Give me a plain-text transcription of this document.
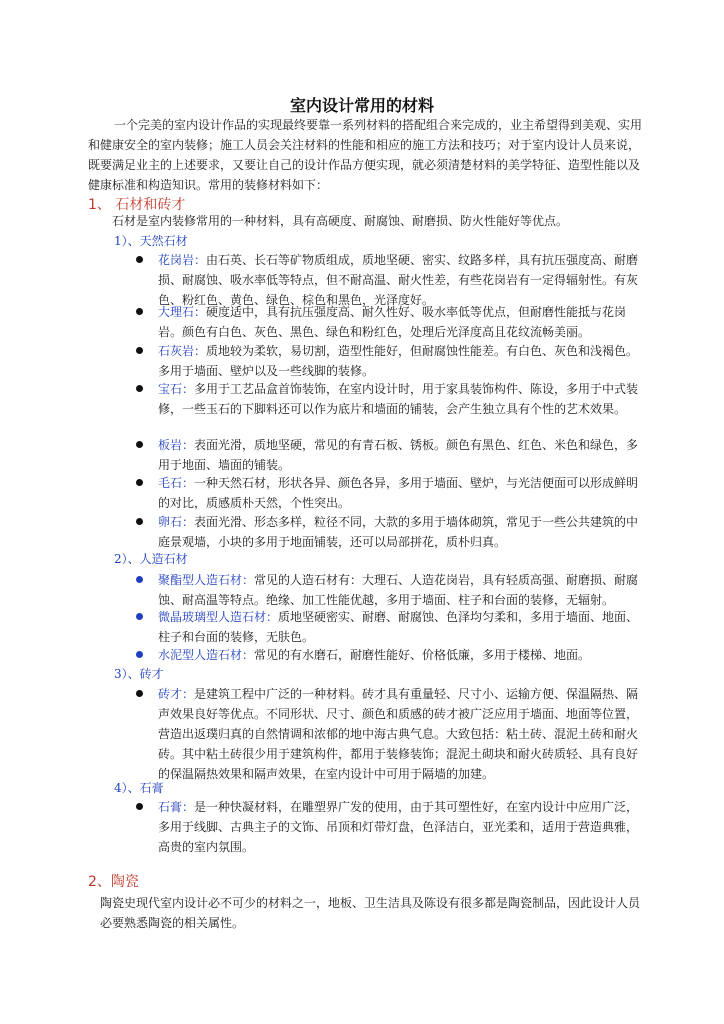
室内设计常用的材料
一个完美的室内设计作品的实现最终要靠一系列材料的搭配组合来完成的，业主希望得到美观、实用和健康安全的室内装修；施工人员会关注材料的性能和相应的施工方法和技巧；对于室内设计人员来说，既要满足业主的上述要求，又要让自己的设计作品方便实现，就必须清楚材料的美学特征、造型性能以及健康标准和构造知识。常用的装修材料如下：
1、 石材和砖才
石材是室内装修常用的一种材料，具有高硬度、耐腐蚀、耐磨损、防火性能好等优点。
1）、天然石材
花岗岩：由石英、长石等矿物质组成，质地坚硬、密实、纹路多样，具有抗压强度高、耐磨损、耐腐蚀、吸水率低等特点，但不耐高温、耐火性差，有些花岗岩有一定得辐射性。有灰色、粉红色、黄色、绿色、棕色和黑色，光泽度好。
大理石：硬度适中，具有抗压强度高、耐久性好、吸水率低等优点，但耐磨性能抵与花岗岩。颜色有白色、灰色、黑色、绿色和粉红色，处理后光泽度高且花纹流畅美丽。
石灰岩：质地较为柔软，易切割，造型性能好，但耐腐蚀性能差。有白色、灰色和浅褐色。多用于墙面、壁炉以及一些线脚的装修。
宝石：多用于工艺品盒首饰装饰，在室内设计时，用于家具装饰构件、陈设，多用于中式装修，一些玉石的下脚料还可以作为底片和墙面的铺装，会产生独立具有个性的艺术效果。
板岩：表面光滑，质地坚硬，常见的有青石板、锈板。颜色有黑色、红色、米色和绿色，多用于地面、墙面的铺装。
毛石：一种天然石材，形状各异、颜色各异，多用于墙面、壁炉，与光洁便面可以形成鲜明的对比，质感质朴天然，个性突出。
卵石：表面光滑、形态多样，粒径不同，大款的多用于墙体砌筑，常见于一些公共建筑的中庭景观墙，小块的多用于地面铺装，还可以局部拼花，质朴归真。
2）、人造石材
聚酯型人造石材：常见的人造石材有：大理石、人造花岗岩，具有轻质高强、耐磨损、耐腐蚀、耐高温等特点。绝缘、加工性能优越，多用于墙面、柱子和台面的装修，无辐射。
微晶玻璃型人造石材：质地坚硬密实、耐磨、耐腐蚀、色泽均匀柔和，多用于墙面、地面、柱子和台面的装修，无肤色。
水泥型人造石材：常见的有水磨石，耐磨性能好、价格低廉，多用于楼梯、地面。
3）、砖才
砖才：是建筑工程中广泛的一种材料。砖才具有重量轻、尺寸小、运输方便、保温隔热、隔声效果良好等优点。不同形状、尺寸、颜色和质感的砖才被广泛应用于墙面、地面等位置，营造出返璞归真的自然情调和浓郁的地中海古典气息。大致包括：粘土砖、混泥土砖和耐火砖。其中粘土砖很少用于建筑构件，都用于装修装饰；混泥土砌块和耐火砖质轻、具有良好的保温隔热效果和隔声效果，在室内设计中可用于隔墙的加建。
4）、石膏
石膏：是一种快凝材料，在雕塑界广发的使用，由于其可塑性好，在室内设计中应用广泛，多用于线脚、古典主子的文饰、吊顶和灯带灯盘，色泽洁白，亚光柔和，适用于营造典雅，高贵的室内氛围。
2、陶瓷
陶瓷史现代室内设计必不可少的材料之一，地板、卫生洁具及陈设有很多都是陶瓷制品，因此设计人员必要熟悉陶瓷的相关属性。
